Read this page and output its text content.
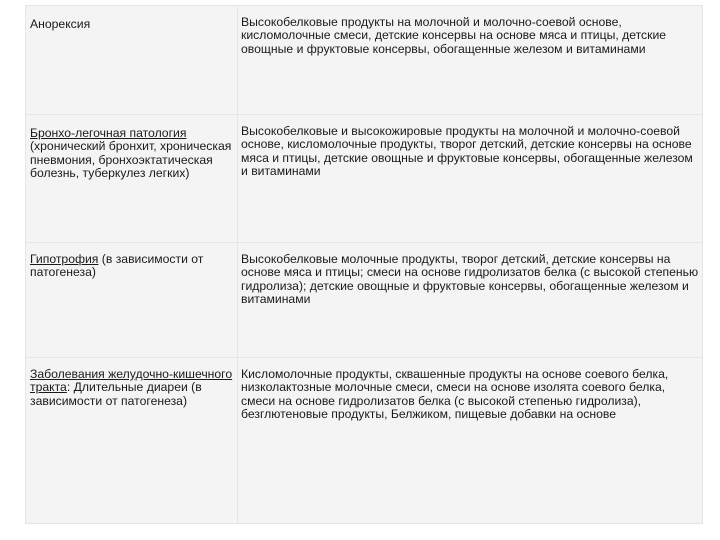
Анорексия	Высокобелковые продукты на молочной и молочно-соевой основе, кисломолочные смеси, детские консервы на основе мяса и птицы, детские овощные и фруктовые консервы, обогащенные железом и витаминами
Бронхо-легочная патология (хронический бронхит, хроническая пневмония, бронхоэктатическая болезнь, туберкулез легких)	Высокобелковые и высокожировые продукты на молочной и молочно-соевой основе, кисломолочные продукты, творог детский, детские консервы на основе мяса и птицы, детские овощные и фруктовые консервы, обогащенные железом и витаминами
Гипотрофия (в зависимости от патогенеза)	Высокобелковые молочные продукты, творог детский, детские консервы на основе мяса и птицы; смеси на основе гидролизатов белка (с высокой степенью гидролиза); детские овощные и фруктовые консервы, обогащенные железом и витаминами
Заболевания желудочно-кишечного тракта: Длительные диареи (в зависимости от патогенеза)	Кисломолочные продукты, сквашенные продукты на основе соевого белка, низколактозные молочные смеси, смеси на основе изолята соевого белка, смеси на основе гидролизатов белка (с высокой степенью гидролиза), безглютеновые продукты, Белжиком, пищевые добавки на основе
